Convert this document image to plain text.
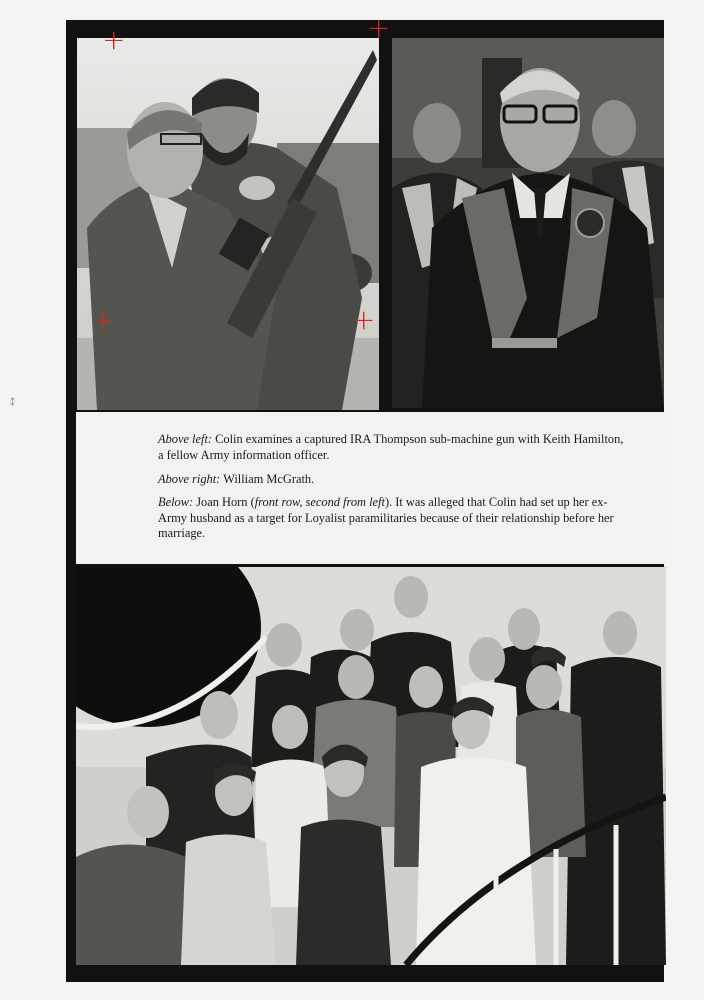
Above left: Colin examines a captured IRA Thompson sub-machine gun with Keith Hamilton, a fellow Army information officer.
Above right: William McGrath.
Below: Joan Horn (front row, second from left). It was alleged that Colin had set up her ex-Army husband as a target for Loyalist paramilitaries because of their relationship before her marriage.
+	+
+	+
⁑
